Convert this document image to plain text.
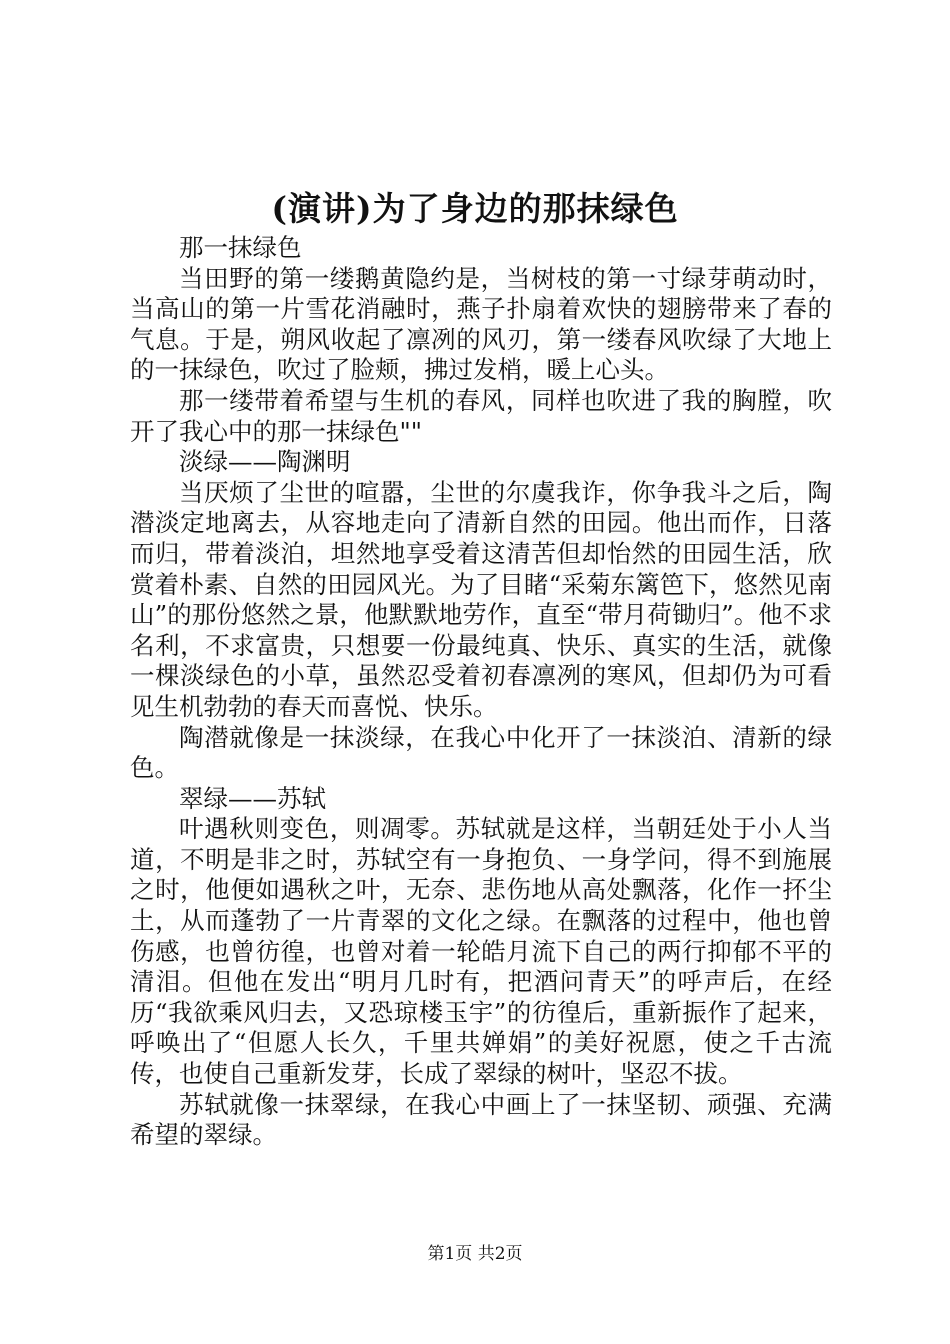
(演讲)为了身边的那抹绿色

那一抹绿色

当田野的第一缕鹅黄隐约是，当树枝的第一寸绿芽萌动时，当高山的第一片雪花消融时，燕子扑扇着欢快的翅膀带来了春的气息。于是，朔风收起了凛冽的风刃，第一缕春风吹绿了大地上的一抹绿色，吹过了脸颊，拂过发梢，暖上心头。

那一缕带着希望与生机的春风，同样也吹进了我的胸膛，吹开了我心中的那一抹绿色""

淡绿——陶渊明

当厌烦了尘世的喧嚣，尘世的尔虞我诈，你争我斗之后，陶潜淡定地离去，从容地走向了清新自然的田园。他出而作，日落而归，带着淡泊，坦然地享受着这清苦但却怡然的田园生活，欣赏着朴素、自然的田园风光。为了目睹“采菊东篱笆下，悠然见南山”的那份悠然之景，他默默地劳作，直至“带月荷锄归”。他不求名利，不求富贵，只想要一份最纯真、快乐、真实的生活，就像一棵淡绿色的小草，虽然忍受着初春凛冽的寒风，但却仍为可看见生机勃勃的春天而喜悦、快乐。

陶潜就像是一抹淡绿，在我心中化开了一抹淡泊、清新的绿色。

翠绿——苏轼

叶遇秋则变色，则凋零。苏轼就是这样，当朝廷处于小人当道，不明是非之时，苏轼空有一身抱负、一身学问，得不到施展之时，他便如遇秋之叶，无奈、悲伤地从高处飘落，化作一抔尘土，从而蓬勃了一片青翠的文化之绿。在飘落的过程中，他也曾伤感，也曾彷徨，也曾对着一轮皓月流下自己的两行抑郁不平的清泪。但他在发出“明月几时有，把酒问青天”的呼声后，在经历“我欲乘风归去，又恐琼楼玉宇”的彷徨后，重新振作了起来，呼唤出了“但愿人长久，千里共婵娟”的美好祝愿，使之千古流传，也使自己重新发芽，长成了翠绿的树叶，坚忍不拔。

苏轼就像一抹翠绿，在我心中画上了一抹坚韧、顽强、充满希望的翠绿。

第1页 共2页
